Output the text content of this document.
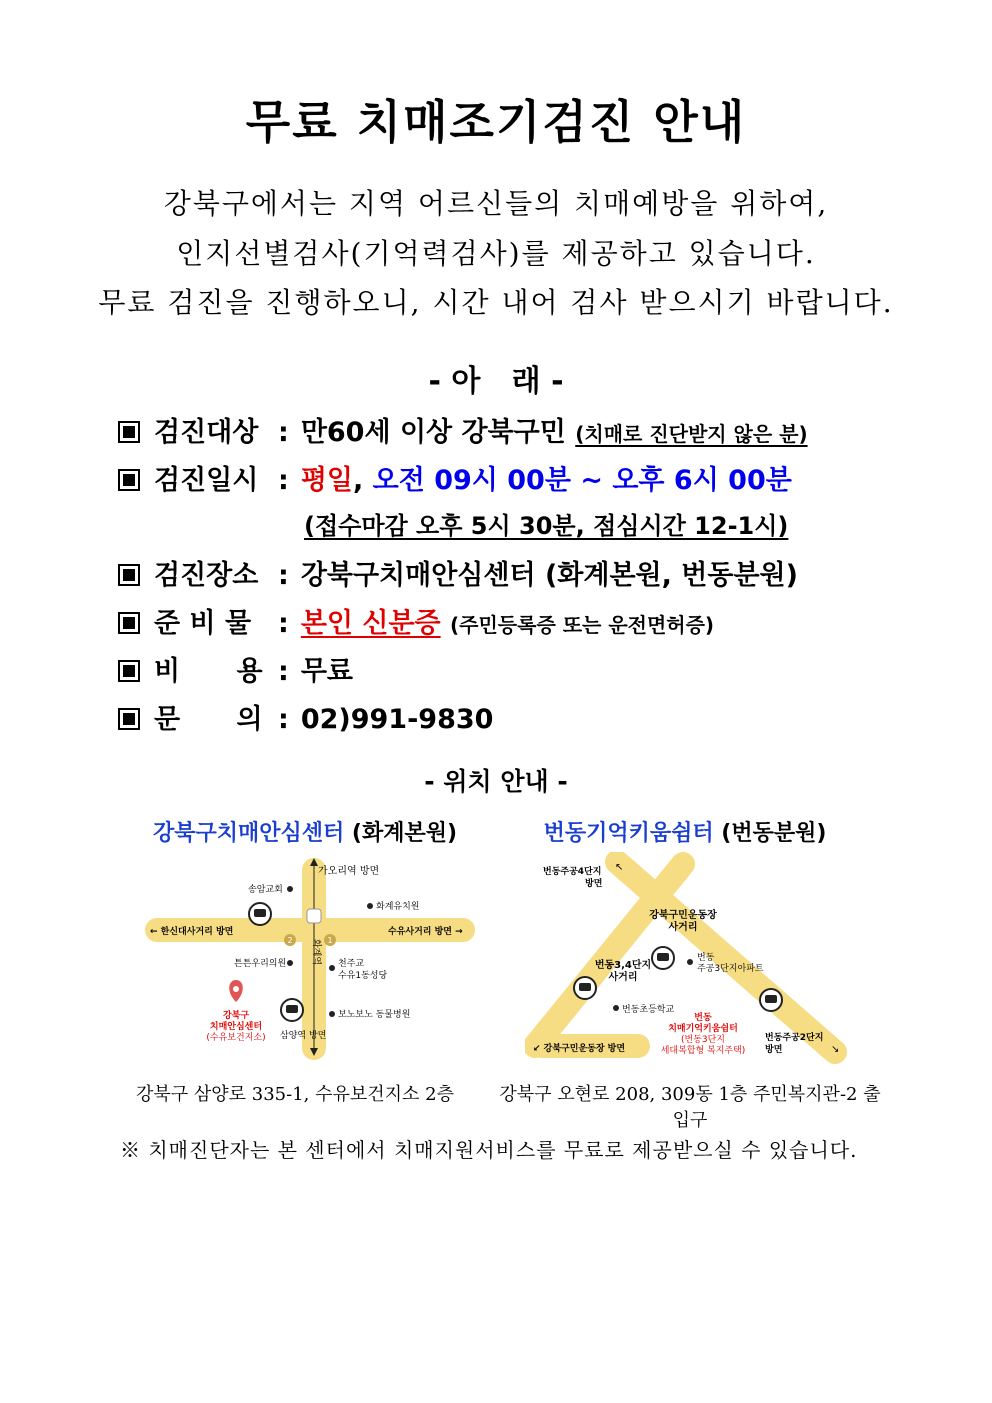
무료 치매조기검진 안내
강북구에서는 지역 어르신들의 치매예방을 위하여,
인지선별검사(기억력검사)를 제공하고 있습니다.
무료 검진을 진행하오니, 시간 내어 검사 받으시기 바랍니다.
- 아   래 -
검진대상 : 만60세 이상 강북구민 (치매로 진단받지 않은 분)
검진일시 : 평일, 오전 09시 00분 ~ 오후 6시 00분
(접수마감 오후 5시 30분, 점심시간 12-1시)
검진장소 : 강북구치매안심센터 (화계본원, 번동분원)
준 비 물 : 본인 신분증 (주민등록증 또는 운전면허증)
비      용 : 무료
문      의 : 02)991-9830
- 위치 안내 -
강북구치매안심센터 (화계본원)
가오리역 방면
송암교회
화계유치원
화계역
← 한신대사거리 방면	수유사거리 방면 →
2	1
튼튼우리의원	천주교
수유1동성당
강북구
치매안심센터
(수유보건지소) 삼양역 방면
보노보노 동물병원
강북구 삼양로 335-1, 수유보건지소 2층
번동기억키움쉼터 (번동분원)
번동주공4단지
방면
↖
강북구민운동장
사거리
번동3,4단지
사거리
번동
주공3단지아파트
번동초등학교
번동
치매기억키움쉼터
(번동3단지
세대복합형 복지주택)
↙ 강북구민운동장 방면
번동주공2단지
방면	↘
강북구 오현로 208, 309동 1층 주민복지관-2 출입구
※ 치매진단자는 본 센터에서 치매지원서비스를 무료로 제공받으실 수 있습니다.
